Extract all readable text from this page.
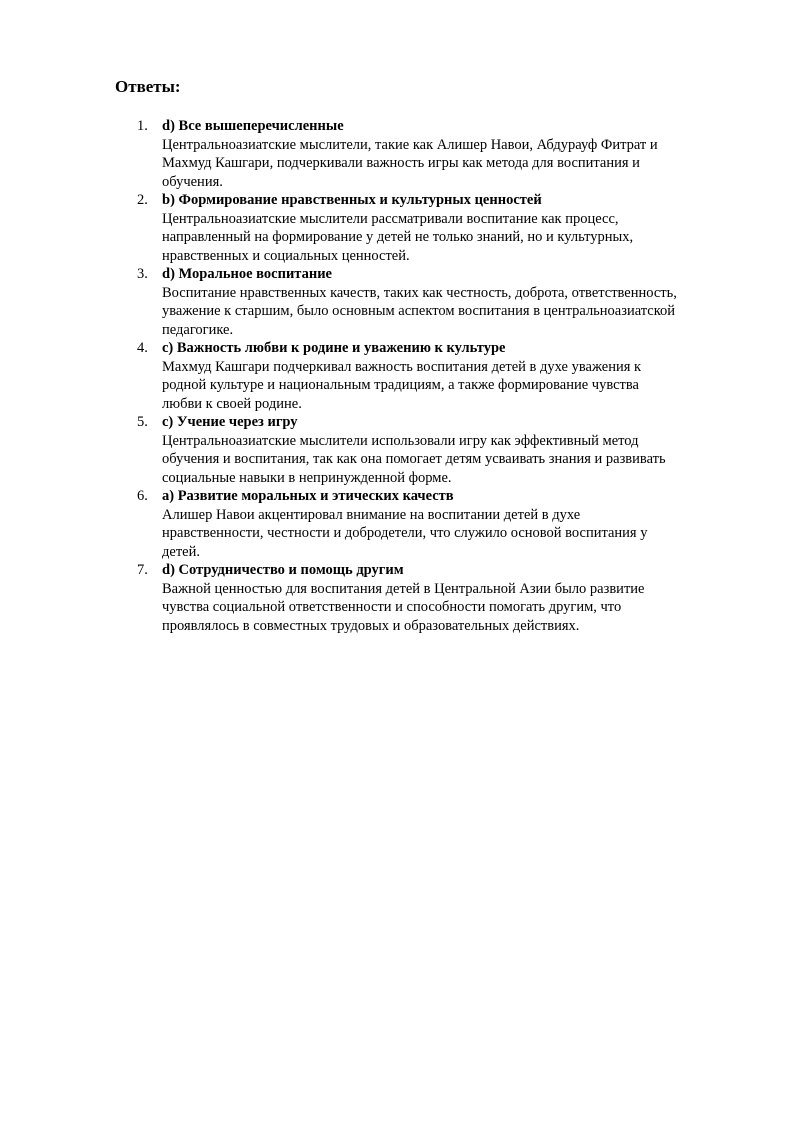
Ответы:
1. d) Все вышеперечисленные
Центральноазиатские мыслители, такие как Алишер Навои, Абдурауф Фитрат и
Махмуд Кашгари, подчеркивали важность игры как метода для воспитания и
обучения.
2. b) Формирование нравственных и культурных ценностей
Центральноазиатские мыслители рассматривали воспитание как процесс,
направленный на формирование у детей не только знаний, но и культурных,
нравственных и социальных ценностей.
3. d) Моральное воспитание
Воспитание нравственных качеств, таких как честность, доброта, ответственность,
уважение к старшим, было основным аспектом воспитания в центральноазиатской
педагогике.
4. c) Важность любви к родине и уважению к культуре
Махмуд Кашгари подчеркивал важность воспитания детей в духе уважения к
родной культуре и национальным традициям, а также формирование чувства
любви к своей родине.
5. c) Учение через игру
Центральноазиатские мыслители использовали игру как эффективный метод
обучения и воспитания, так как она помогает детям усваивать знания и развивать
социальные навыки в непринужденной форме.
6. a) Развитие моральных и этических качеств
Алишер Навои акцентировал внимание на воспитании детей в духе
нравственности, честности и добродетели, что служило основой воспитания у
детей.
7. d) Сотрудничество и помощь другим
Важной ценностью для воспитания детей в Центральной Азии было развитие
чувства социальной ответственности и способности помогать другим, что
проявлялось в совместных трудовых и образовательных действиях.
